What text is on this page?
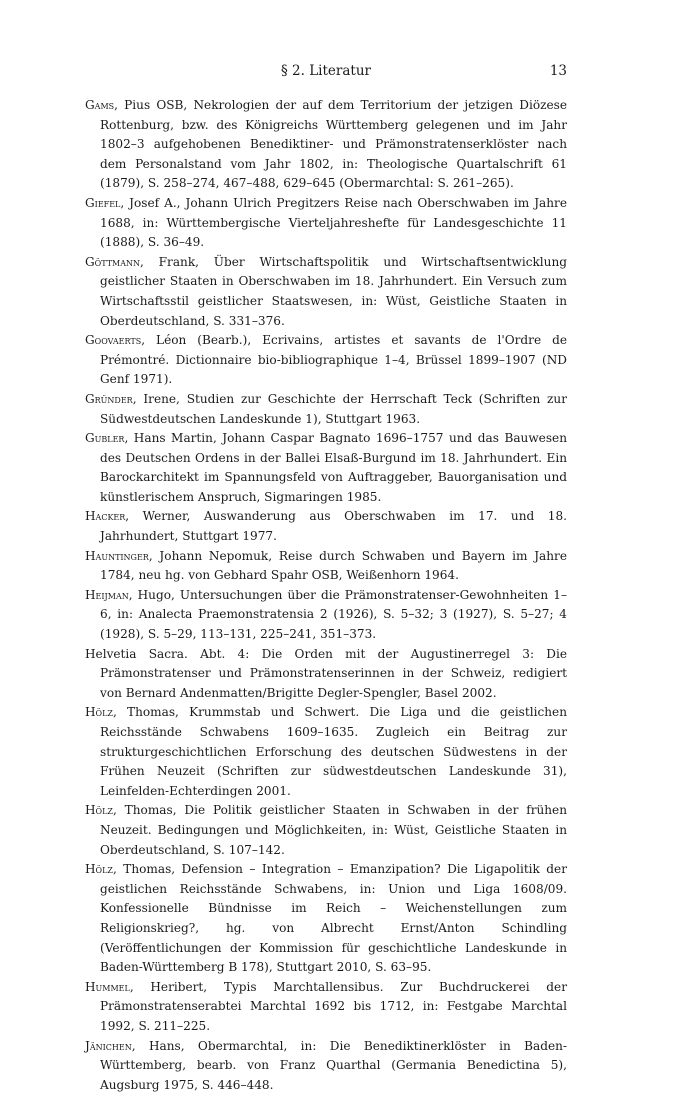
§ 2. Literatur	13

Gams, Pius OSB, Nekrologien der auf dem Territorium der jetzigen Diözese Rottenburg, bzw. des Königreichs Württemberg gelegenen und im Jahr 1802–3 aufgehobenen Benediktiner- und Prämonstratenserklöster nach dem Personalstand vom Jahr 1802, in: Theologische Quartalschrift 61 (1879), S. 258–274, 467–488, 629–645 (Obermarchtal: S. 261–265).

Giefel, Josef A., Johann Ulrich Pregitzers Reise nach Oberschwaben im Jahre 1688, in: Württembergische Vierteljahreshefte für Landesgeschichte 11 (1888), S. 36–49.

Göttmann, Frank, Über Wirtschaftspolitik und Wirtschaftsentwicklung geistlicher Staaten in Oberschwaben im 18. Jahrhundert. Ein Versuch zum Wirtschaftsstil geistlicher Staatswesen, in: Wüst, Geistliche Staaten in Oberdeutschland, S. 331–376.

Goovaerts, Léon (Bearb.), Ecrivains, artistes et savants de l'Ordre de Prémontré. Dictionnaire bio-bibliographique 1–4, Brüssel 1899–1907 (ND Genf 1971).

Gründer, Irene, Studien zur Geschichte der Herrschaft Teck (Schriften zur Südwestdeutschen Landeskunde 1), Stuttgart 1963.

Gubler, Hans Martin, Johann Caspar Bagnato 1696–1757 und das Bauwesen des Deutschen Ordens in der Ballei Elsaß-Burgund im 18. Jahrhundert. Ein Barockarchitekt im Spannungsfeld von Auftraggeber, Bauorganisation und künstlerischem Anspruch, Sigmaringen 1985.

Hacker, Werner, Auswanderung aus Oberschwaben im 17. und 18. Jahrhundert, Stuttgart 1977.

Hauntinger, Johann Nepomuk, Reise durch Schwaben und Bayern im Jahre 1784, neu hg. von Gebhard Spahr OSB, Weißenhorn 1964.

Heijman, Hugo, Untersuchungen über die Prämonstratenser-Gewohnheiten 1–6, in: Analecta Praemonstratensia 2 (1926), S. 5–32; 3 (1927), S. 5–27; 4 (1928), S. 5–29, 113–131, 225–241, 351–373.

Helvetia Sacra. Abt. 4: Die Orden mit der Augustinerregel 3: Die Prämonstratenser und Prämonstratenserinnen in der Schweiz, redigiert von Bernard Andenmatten/Brigitte Degler-Spengler, Basel 2002.

Hölz, Thomas, Krummstab und Schwert. Die Liga und die geistlichen Reichsstände Schwabens 1609–1635. Zugleich ein Beitrag zur strukturgeschichtlichen Erforschung des deutschen Südwestens in der Frühen Neuzeit (Schriften zur südwestdeutschen Landeskunde 31), Leinfelden-Echterdingen 2001.

Hölz, Thomas, Die Politik geistlicher Staaten in Schwaben in der frühen Neuzeit. Bedingungen und Möglichkeiten, in: Wüst, Geistliche Staaten in Oberdeutschland, S. 107–142.

Hölz, Thomas, Defension – Integration – Emanzipation? Die Ligapolitik der geistlichen Reichsstände Schwabens, in: Union und Liga 1608/09. Konfessionelle Bündnisse im Reich – Weichenstellungen zum Religionskrieg?, hg. von Albrecht Ernst/Anton Schindling (Veröffentlichungen der Kommission für geschichtliche Landeskunde in Baden-Württemberg B 178), Stuttgart 2010, S. 63–95.

Hummel, Heribert, Typis Marchtallensibus. Zur Buchdruckerei der Prämonstratenserabtei Marchtal 1692 bis 1712, in: Festgabe Marchtal 1992, S. 211–225.

Jänichen, Hans, Obermarchtal, in: Die Benediktinerklöster in Baden-Württemberg, bearb. von Franz Quarthal (Germania Benedictina 5), Augsburg 1975, S. 446–448.
